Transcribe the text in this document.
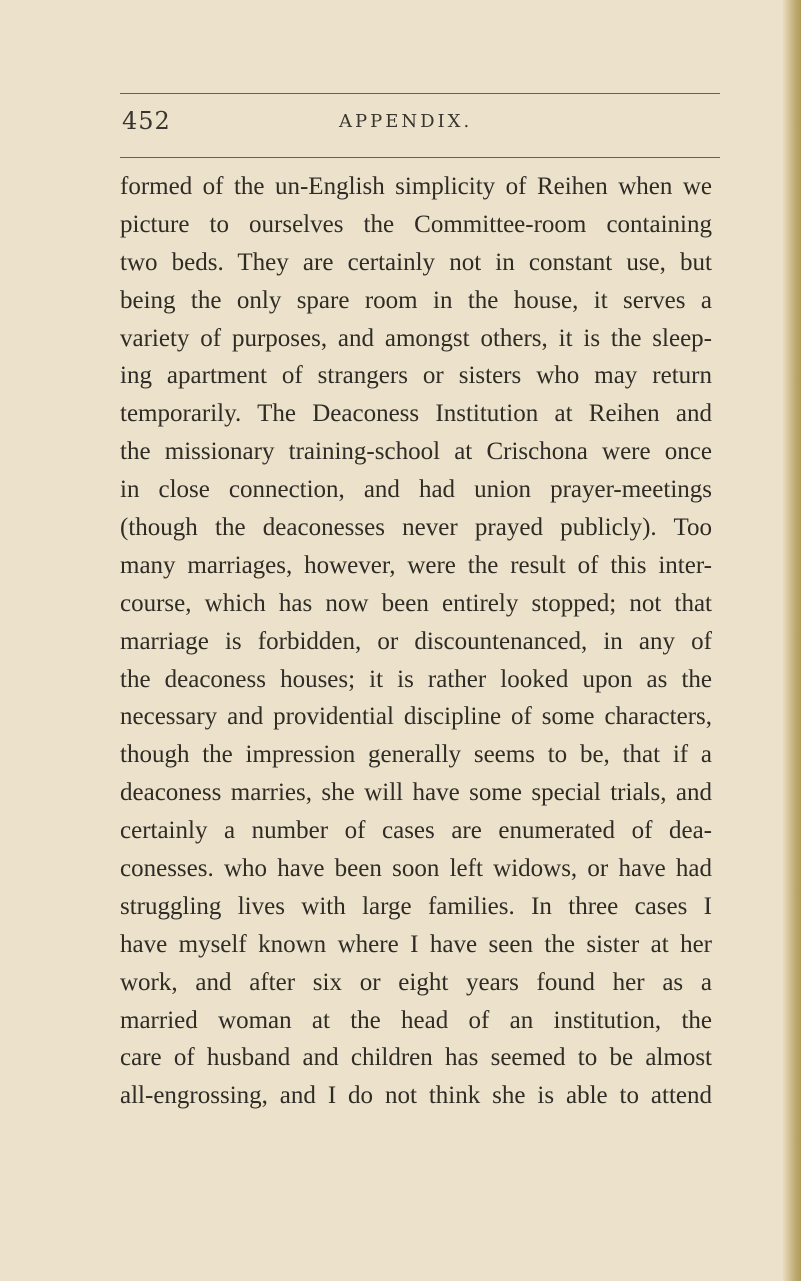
452	APPENDIX.
formed of the un-English simplicity of Reihen when we
picture to ourselves the Committee-room containing
two beds. They are certainly not in constant use, but
being the only spare room in the house, it serves a
variety of purposes, and amongst others, it is the sleep-
ing apartment of strangers or sisters who may return
temporarily. The Deaconess Institution at Reihen and
the missionary training-school at Crischona were once
in close connection, and had union prayer-meetings
(though the deaconesses never prayed publicly). Too
many marriages, however, were the result of this inter-
course, which has now been entirely stopped; not that
marriage is forbidden, or discountenanced, in any of
the deaconess houses; it is rather looked upon as the
necessary and providential discipline of some characters,
though the impression generally seems to be, that if a
deaconess marries, she will have some special trials, and
certainly a number of cases are enumerated of dea-
conesses. who have been soon left widows, or have had
struggling lives with large families. In three cases I
have myself known where I have seen the sister at her
work, and after six or eight years found her as a
married woman at the head of an institution, the
care of husband and children has seemed to be almost
all-engrossing, and I do not think she is able to attend
